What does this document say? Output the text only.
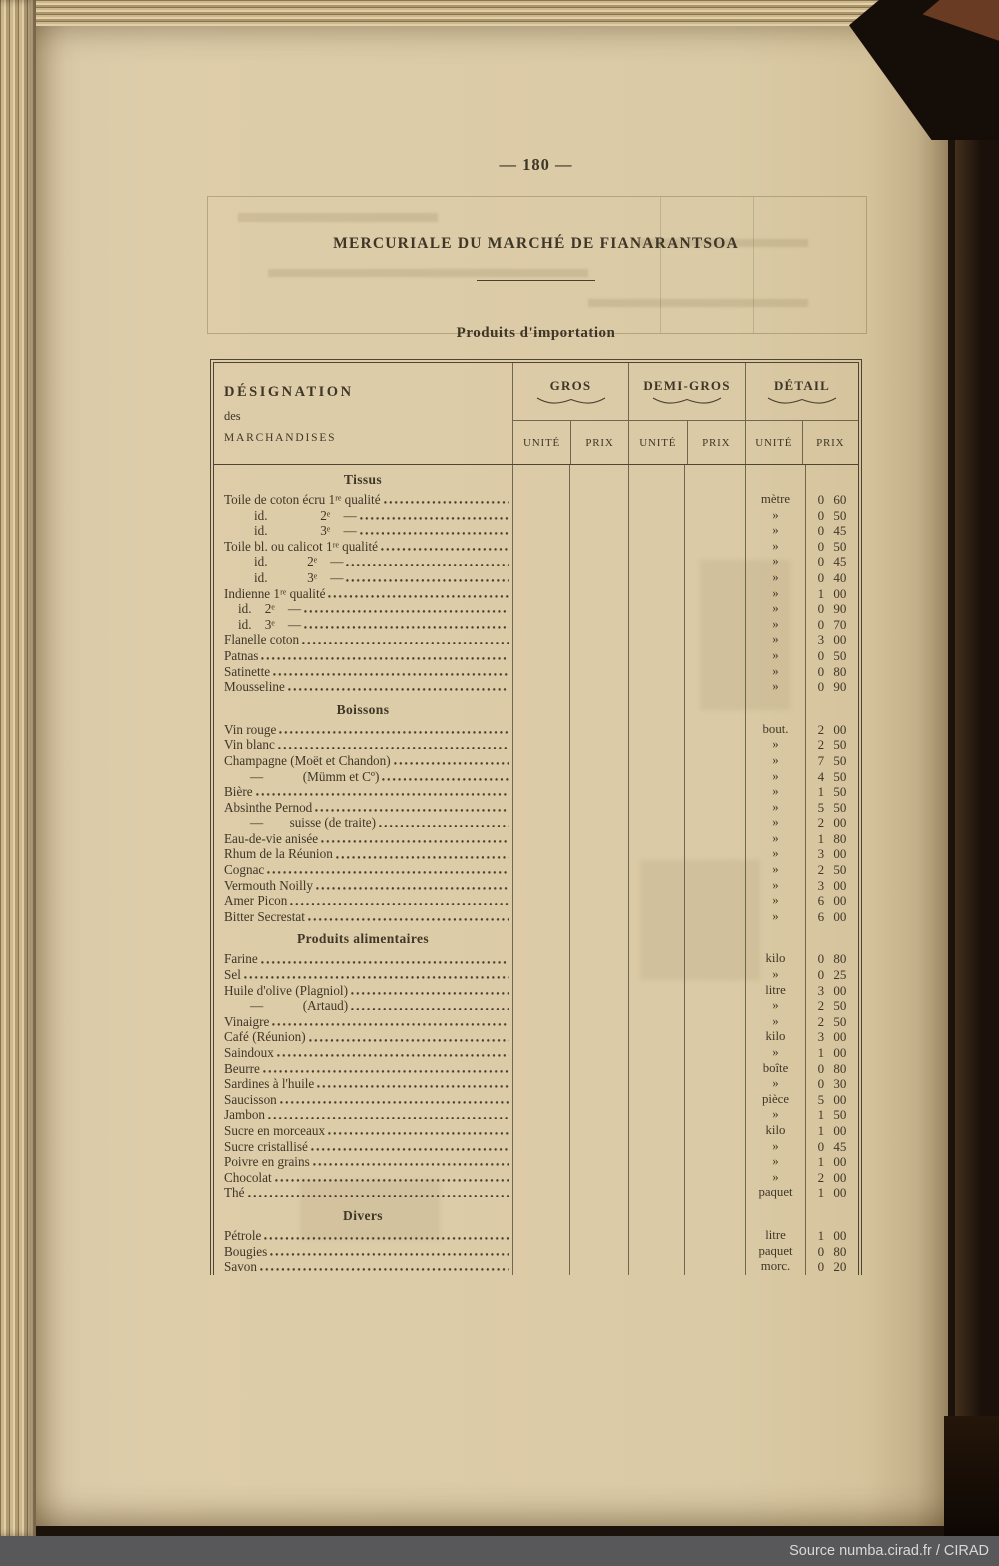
— 180 —
MERCURIALE DU MARCHÉ DE FIANARANTSOA
Produits d'importation
DÉSIGNATION
des
MARCHANDISES
GROS
UNITÉ	PRIX
DEMI-GROS
UNITÉ	PRIX
DÉTAIL
UNITÉ	PRIX
Tissus
Toile de coton écru 1ʳᵉ qualité	mètre	0 60
id.    2ᵉ —	»	0 50
id.    3ᵉ —	»	0 45
Toile bl. ou calicot 1ʳᵉ qualité	»	0 50
id.   2ᵉ —	»	0 45
id.   3ᵉ —	»	0 40
Indienne 1ʳᵉ qualité	»	1 00
id. 2ᵉ —	»	0 90
id. 3ᵉ —	»	0 70
Flanelle coton	»	3 00
Patnas	»	0 50
Satinette	»	0 80
Mousseline	»	0 90
Boissons
Vin rouge	bout.	2 00
Vin blanc	»	2 50
Champagne (Moët et Chandon)	»	7 50
—   (Mümm et Cº)	»	4 50
Bière	»	1 50
Absinthe Pernod	»	5 50
—  suisse (de traite)	»	2 00
Eau-de-vie anisée	»	1 80
Rhum de la Réunion	»	3 00
Cognac	»	2 50
Vermouth Noilly	»	3 00
Amer Picon	»	6 00
Bitter Secrestat	»	6 00
Produits alimentaires
Farine	kilo	0 80
Sel	»	0 25
Huile d'olive (Plagniol)	litre	3 00
—   (Artaud)	»	2 50
Vinaigre	»	2 50
Café (Réunion)	kilo	3 00
Saindoux	»	1 00
Beurre	boîte	0 80
Sardines à l'huile	»	0 30
Saucisson	pièce	5 00
Jambon	»	1 50
Sucre en morceaux	kilo	1 00
Sucre cristallisé	»	0 45
Poivre en grains	»	1 00
Chocolat	»	2 00
Thé	paquet	1 00
Divers
Pétrole	litre	1 00
Bougies	paquet	0 80
Savon	morc.	0 20
Source numba.cirad.fr / CIRAD
